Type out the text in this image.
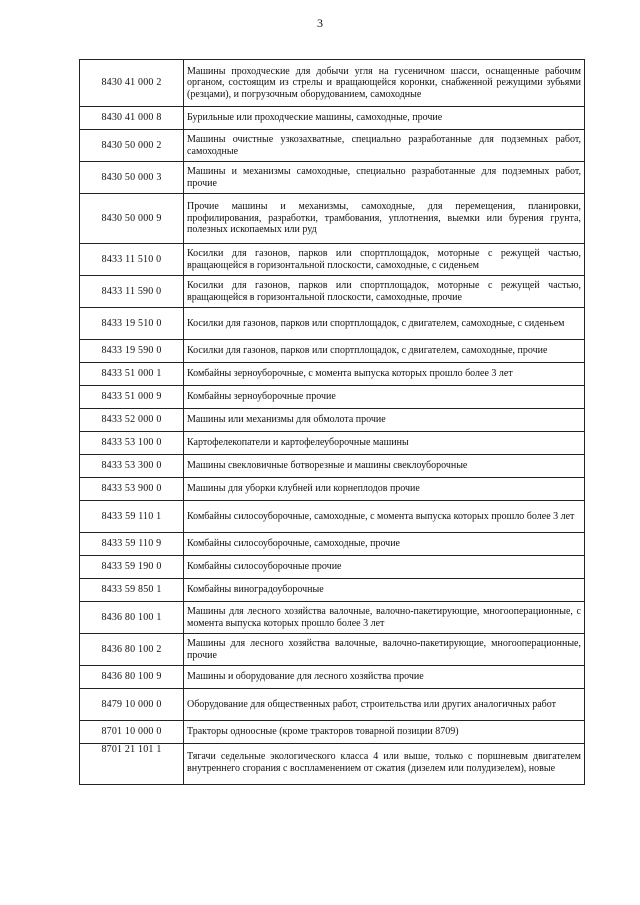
3
8430 41 000 2	Машины проходческие для добычи угля на гусеничном шасси, оснащенные рабочим органом, состоящим из стрелы и вращающейся коронки, снабженной режущими зубьями (резцами), и погрузочным оборудованием, самоходные
8430 41 000 8	Бурильные или проходческие машины, самоходные, прочие
8430 50 000 2	Машины очистные узкозахватные, специально разработанные для подземных работ, самоходные
8430 50 000 3	Машины и механизмы самоходные, специально разработанные для подземных работ, прочие
8430 50 000 9	Прочие машины и механизмы, самоходные, для перемещения, планировки, профилирования, разработки, трамбования, уплотнения, выемки или бурения грунта, полезных ископаемых или руд
8433 11 510 0	Косилки для газонов, парков или спортплощадок, моторные с режущей частью, вращающейся в горизонтальной плоскости, самоходные, с сиденьем
8433 11 590 0	Косилки для газонов, парков или спортплощадок, моторные с режущей частью, вращающейся в горизонтальной плоскости, самоходные, прочие
8433 19 510 0	Косилки для газонов, парков или спортплощадок, с двигателем, самоходные, с сиденьем
8433 19 590 0	Косилки для газонов, парков или спортплощадок, с двигателем, самоходные, прочие
8433 51 000 1	Комбайны зерноуборочные, с момента выпуска которых прошло более 3 лет
8433 51 000 9	Комбайны зерноуборочные прочие
8433 52 000 0	Машины или механизмы для обмолота прочие
8433 53 100 0	Картофелекопатели и картофелеуборочные машины
8433 53 300 0	Машины свекловичные ботворезные и машины свеклоуборочные
8433 53 900 0	Машины для уборки клубней или корнеплодов прочие
8433 59 110 1	Комбайны силосоуборочные, самоходные, с момента выпуска которых прошло более 3 лет
8433 59 110 9	Комбайны силосоуборочные, самоходные, прочие
8433 59 190 0	Комбайны силосоуборочные прочие
8433 59 850 1	Комбайны виноградоуборочные
8436 80 100 1	Машины для лесного хозяйства валочные, валочно-пакетирующие, многооперационные, с момента выпуска которых прошло более 3 лет
8436 80 100 2	Машины для лесного хозяйства валочные, валочно-пакетирующие, многооперационные, прочие
8436 80 100 9	Машины и оборудование для лесного хозяйства прочие
8479 10 000 0	Оборудование для общественных работ, строительства или других аналогичных работ
8701 10 000 0	Тракторы одноосные (кроме тракторов товарной позиции 8709)
8701 21 101 1	Тягачи седельные экологического класса 4 или выше, только с поршневым двигателем внутреннего сгорания с воспламенением от сжатия (дизелем или полудизелем), новые
